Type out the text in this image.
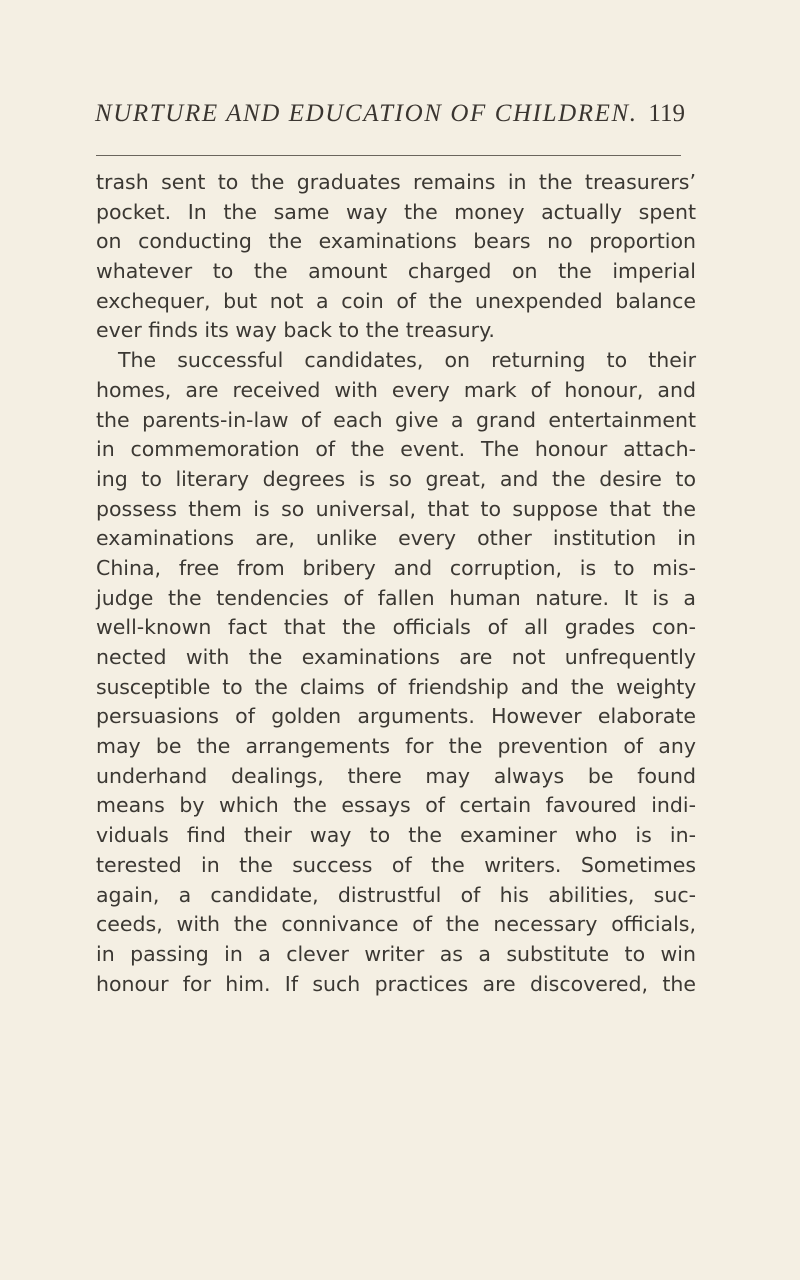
NURTURE AND EDUCATION OF CHILDREN. 119
trash sent to the graduates remains in the treasurers’
pocket. In the same way the money actually spent
on conducting the examinations bears no proportion
whatever to the amount charged on the imperial
exchequer, but not a coin of the unexpended balance
ever finds its way back to the treasury.
The successful candidates, on returning to their
homes, are received with every mark of honour, and
the parents-in-law of each give a grand entertainment
in commemoration of the event. The honour attach-
ing to literary degrees is so great, and the desire to
possess them is so universal, that to suppose that the
examinations are, unlike every other institution in
China, free from bribery and corruption, is to mis-
judge the tendencies of fallen human nature. It is a
well-known fact that the officials of all grades con-
nected with the examinations are not unfrequently
susceptible to the claims of friendship and the weighty
persuasions of golden arguments. However elaborate
may be the arrangements for the prevention of any
underhand dealings, there may always be found
means by which the essays of certain favoured indi-
viduals find their way to the examiner who is in-
terested in the success of the writers. Sometimes
again, a candidate, distrustful of his abilities, suc-
ceeds, with the connivance of the necessary officials,
in passing in a clever writer as a substitute to win
honour for him. If such practices are discovered, the
